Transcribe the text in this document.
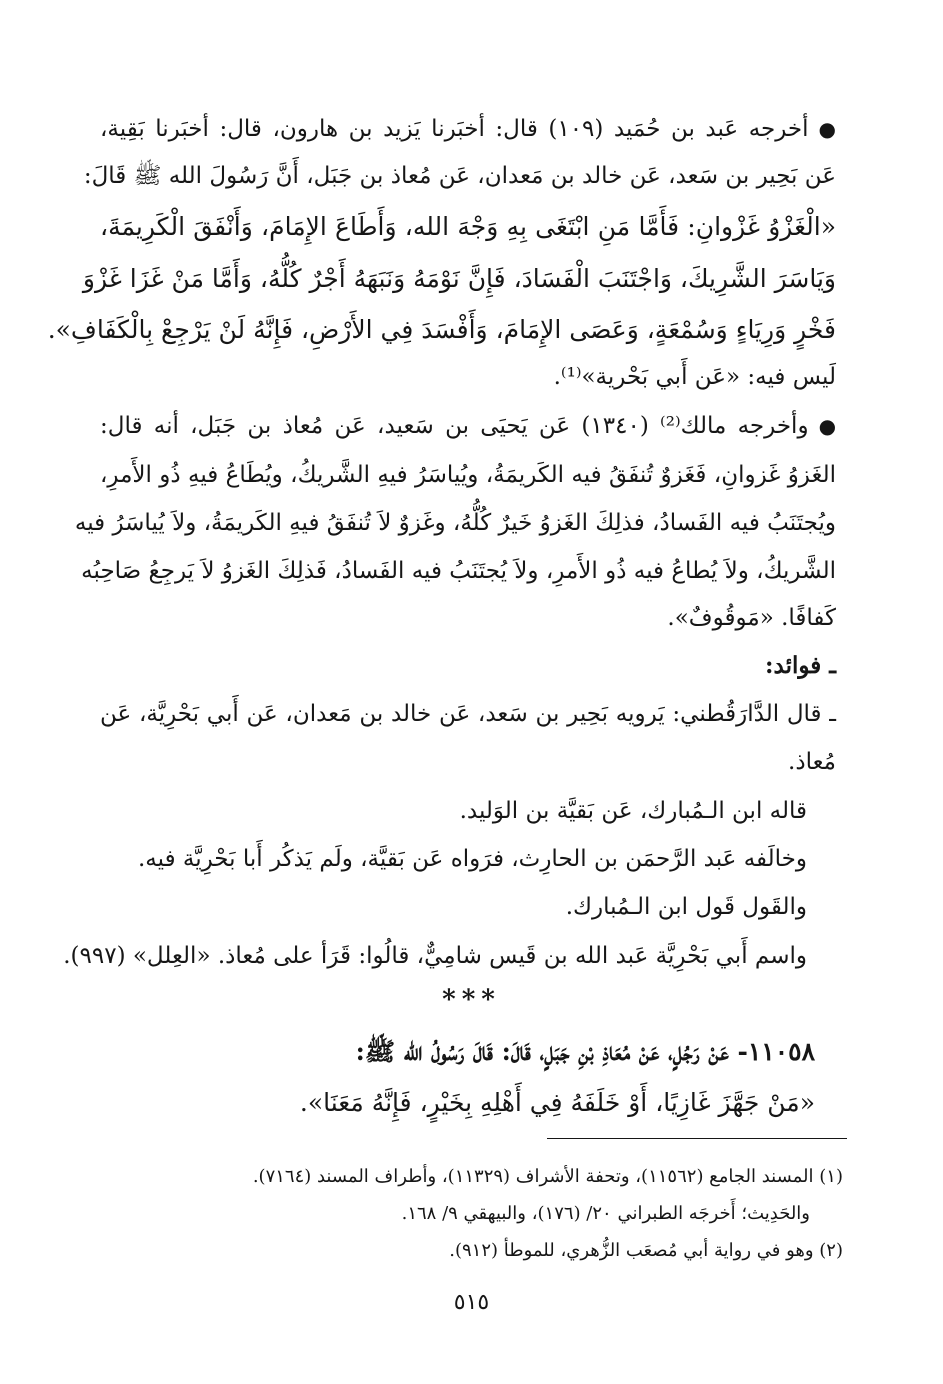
●أخرجه عَبد بن حُمَيد (١٠٩) قال: أخبَرنا يَزيد بن هارون، قال: أخبَرنا بَقِية،
عَن بَحِير بن سَعد، عَن خالد بن مَعدان، عَن مُعاذ بن جَبَل، أَنَّ رَسُولَ الله ﷺ قَالَ:
«الْغَزْوُ غَزْوانِ: فَأَمَّا مَنِ ابْتَغَى بِهِ وَجْهَ الله، وَأَطَاعَ الإِمَامَ، وَأَنْفَقَ الْكَرِيمَةَ،
وَيَاسَرَ الشَّرِيكَ، وَاجْتَنَبَ الْفَسَادَ، فَإِنَّ نَوْمَهُ وَنَبَهَهُ أَجْرٌ كُلُّهُ، وَأَمَّا مَنْ غَزَا غَزْوَ
فَخْرٍ وَرِيَاءٍ وَسُمْعَةٍ، وَعَصَى الإِمَامَ، وَأَفْسَدَ فِي الأَرْضِ، فَإِنَّهُ لَنْ يَرْجِعْ بِالْكَفَافِ».
لَيس فيه: «عَن أَبي بَحْرية»⁽¹⁾.
●وأخرجه مالك⁽²⁾ (١٣٤٠) عَن يَحيَى بن سَعيد، عَن مُعاذ بن جَبَل، أنه قال:
الغَزوُ غَزوانِ، فَغَزوٌ تُنفَقُ فيه الكَريمَةُ، ويُياسَرُ فيهِ الشَّريكُ، ويُطَاعُ فيهِ ذُو الأَمرِ،
ويُجتَنَبُ فيه الفَسادُ، فذلِكَ الغَزوُ خَيرٌ كُلُّهُ، وغَزوٌ لاَ تُنفَقُ فيهِ الكَريمَةُ، ولاَ يُياسَرُ فيه
الشَّريكُ، ولاَ يُطاعُ فيه ذُو الأَمرِ، ولاَ يُجتَنَبُ فيه الفَسادُ، فَذلِكَ الغَزوُ لاَ يَرجِعُ صَاحِبُه
كَفافًا. «مَوقُوفٌ».
ـ فوائد:
ـ قال الدَّارَقُطني: يَرويه بَحِير بن سَعد، عَن خالد بن مَعدان، عَن أَبي بَحْرِيَّة، عَن
مُعاذ.
قاله ابن الـمُبارك، عَن بَقيَّة بن الوَليد.
وخالَفه عَبد الرَّحمَن بن الحارِث، فرَواه عَن بَقيَّة، ولَم يَذكُر أَبا بَحْرِيَّة فيه.
والقَول قَول ابن الـمُبارك.
واسم أَبي بَحْرِيَّة عَبد الله بن قَيس شامِيٌّ، قالُوا: قَرَأ على مُعاذ. «العِلل» (٩٩٧).
١١٠٥٨- عَنْ رَجُلٍ، عَنْ مُعَاذِ بْنِ جَبَلٍ، قَالَ: قَالَ رَسُولُ الله ﷺ:
«مَنْ جَهَّزَ غَازِيًا، أَوْ خَلَفَهُ فِي أَهْلِهِ بِخَيْرٍ، فَإِنَّهُ مَعَنَا».
***
(١) المسند الجامع (١١٥٦٢)، وتحفة الأشراف (١١٣٢٩)، وأطراف المسند (٧١٦٤).
والحَدِيث؛ أَخرجَه الطبراني ٢٠/ (١٧٦)، والبيهقي ٩/ ١٦٨.
(٢) وهو في رواية أبي مُصعَب الزُّهري، للموطأ (٩١٢).
٥١٥
